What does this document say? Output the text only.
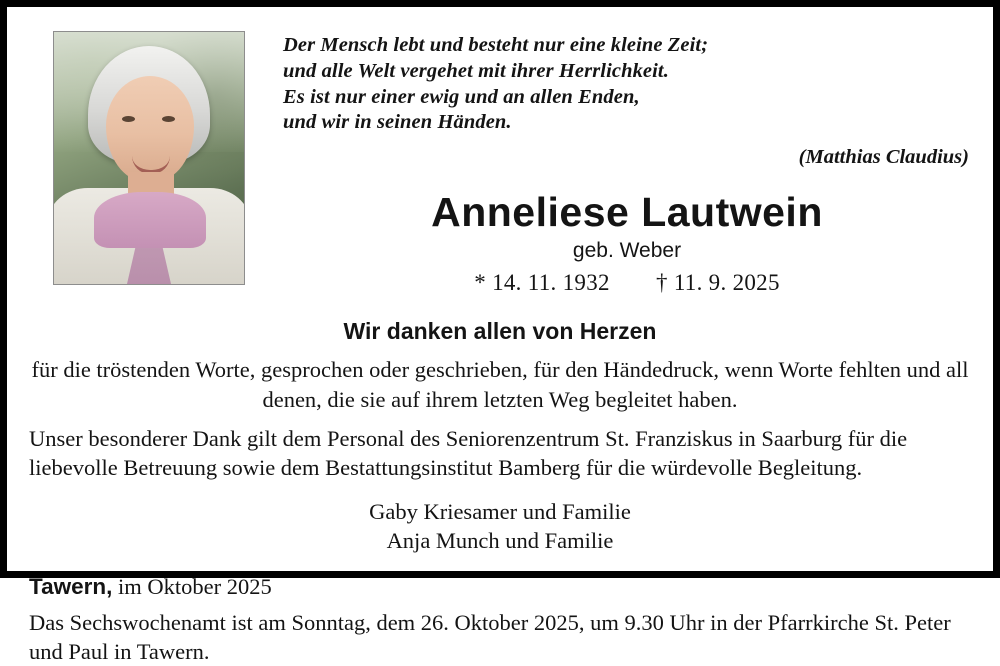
Der Mensch lebt und besteht nur eine kleine Zeit;
und alle Welt vergehet mit ihrer Herrlichkeit.
Es ist nur einer ewig und an allen Enden,
und wir in seinen Händen.
(Matthias Claudius)
Anneliese Lautwein
geb. Weber
* 14. 11. 1932 † 11. 9. 2025
Wir danken allen von Herzen
für die tröstenden Worte, gesprochen oder geschrieben, für den Händedruck, wenn Worte fehlten und all denen, die sie auf ihrem letzten Weg begleitet haben.
Unser besonderer Dank gilt dem Personal des Seniorenzentrum St. Franziskus in Saarburg für die liebevolle Betreuung sowie dem Bestattungsinstitut Bamberg für die würdevolle Begleitung.
Gaby Kriesamer und Familie
Anja Munch und Familie
Tawern, im Oktober 2025
Das Sechswochenamt ist am Sonntag, dem 26. Oktober 2025, um 9.30 Uhr in der Pfarrkirche St. Peter und Paul in Tawern.
